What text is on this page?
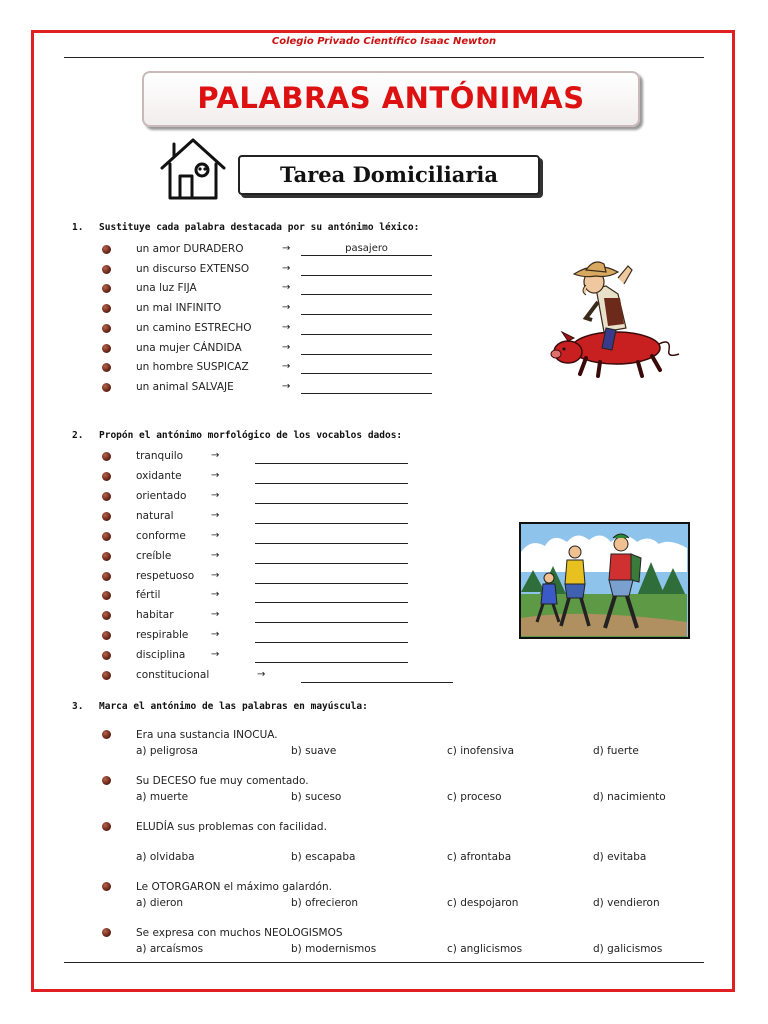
Colegio Privado Científico Isaac Newton
PALABRAS ANTÓNIMAS
Tarea Domiciliaria
1. Sustituye cada palabra destacada por su antónimo léxico:
un amor DURADERO	→	pasajero
un discurso EXTENSO	→
una luz FIJA	→
un mal INFINITO	→
un camino ESTRECHO	→
una mujer CÁNDIDA	→
un hombre SUSPICAZ	→
un animal SALVAJE	→
2. Propón el antónimo morfológico de los vocablos dados:
tranquilo	→
oxidante	→
orientado →
natural	→
conforme	→
creíble	→
respetuoso →
fértil	→
habitar	→
respirable →
disciplina	→
constitucional	→
3. Marca el antónimo de las palabras en mayúscula:
Era una sustancia INOCUA.
a) peligrosa	b) suave	c) inofensiva	d) fuerte
Su DECESO fue muy comentado.
a) muerte	b) suceso	c) proceso	d) nacimiento
ELUDÍA sus problemas con facilidad.
a) olvidaba	b) escapaba	c) afrontaba	d) evitaba
Le OTORGARON el máximo galardón.
a) dieron	b) ofrecieron	c) despojaron	d) vendieron
Se expresa con muchos NEOLOGISMOS
a) arcaísmos	b) modernismos	c) anglicismos	d) galicismos
